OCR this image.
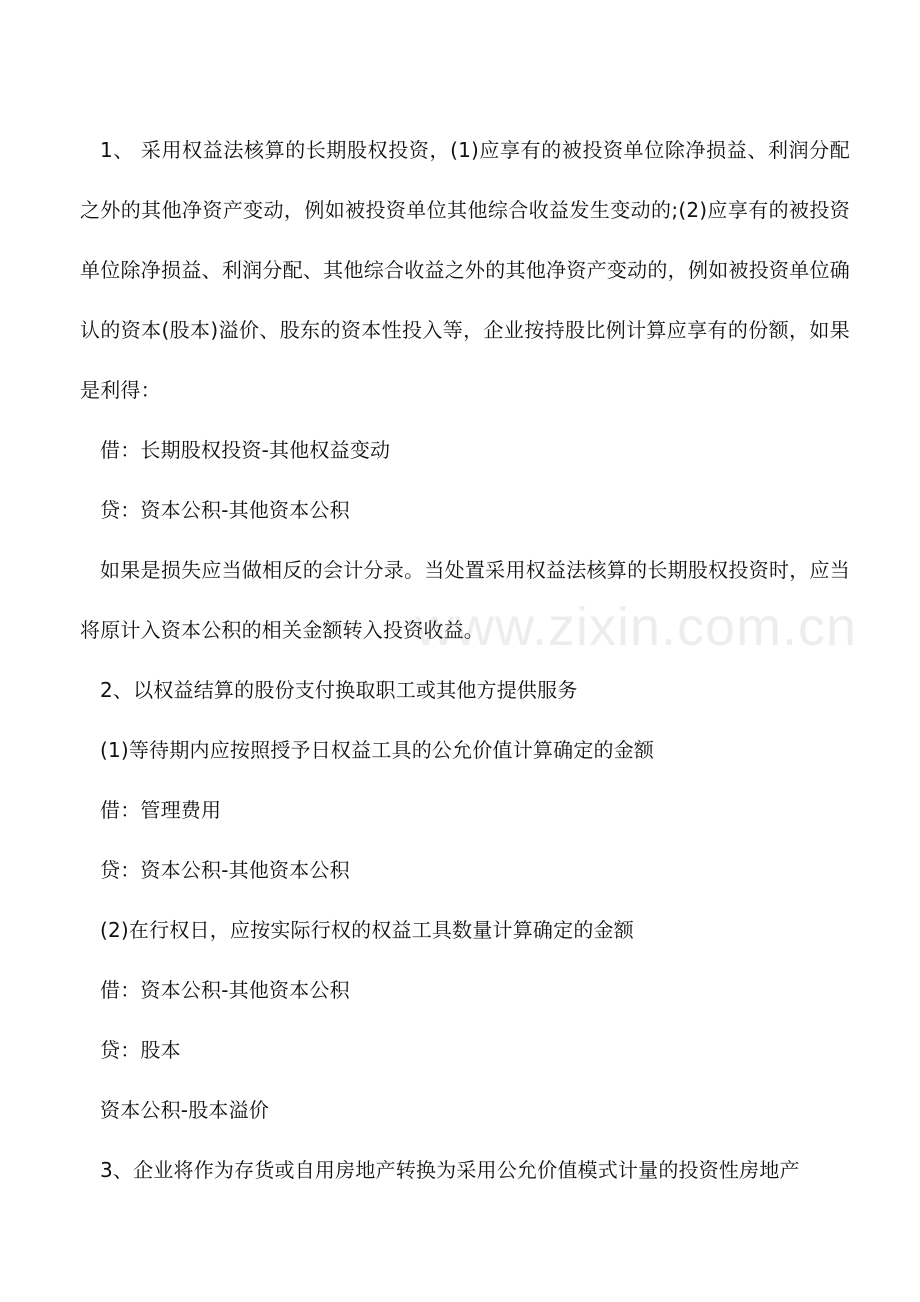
www.zixin.com.cn

1、 采用权益法核算的长期股权投资，(1)应享有的被投资单位除净损益、利润分配之外的其他净资产变动，例如被投资单位其他综合收益发生变动的;(2)应享有的被投资单位除净损益、利润分配、其他综合收益之外的其他净资产变动的，例如被投资单位确认的资本(股本)溢价、股东的资本性投入等，企业按持股比例计算应享有的份额，如果是利得：

借：长期股权投资-其他权益变动

贷：资本公积-其他资本公积

如果是损失应当做相反的会计分录。当处置采用权益法核算的长期股权投资时，应当将原计入资本公积的相关金额转入投资收益。

2、以权益结算的股份支付换取职工或其他方提供服务

(1)等待期内应按照授予日权益工具的公允价值计算确定的金额

借：管理费用

贷：资本公积-其他资本公积

(2)在行权日，应按实际行权的权益工具数量计算确定的金额

借：资本公积-其他资本公积

贷：股本

资本公积-股本溢价

3、企业将作为存货或自用房地产转换为采用公允价值模式计量的投资性房地产
